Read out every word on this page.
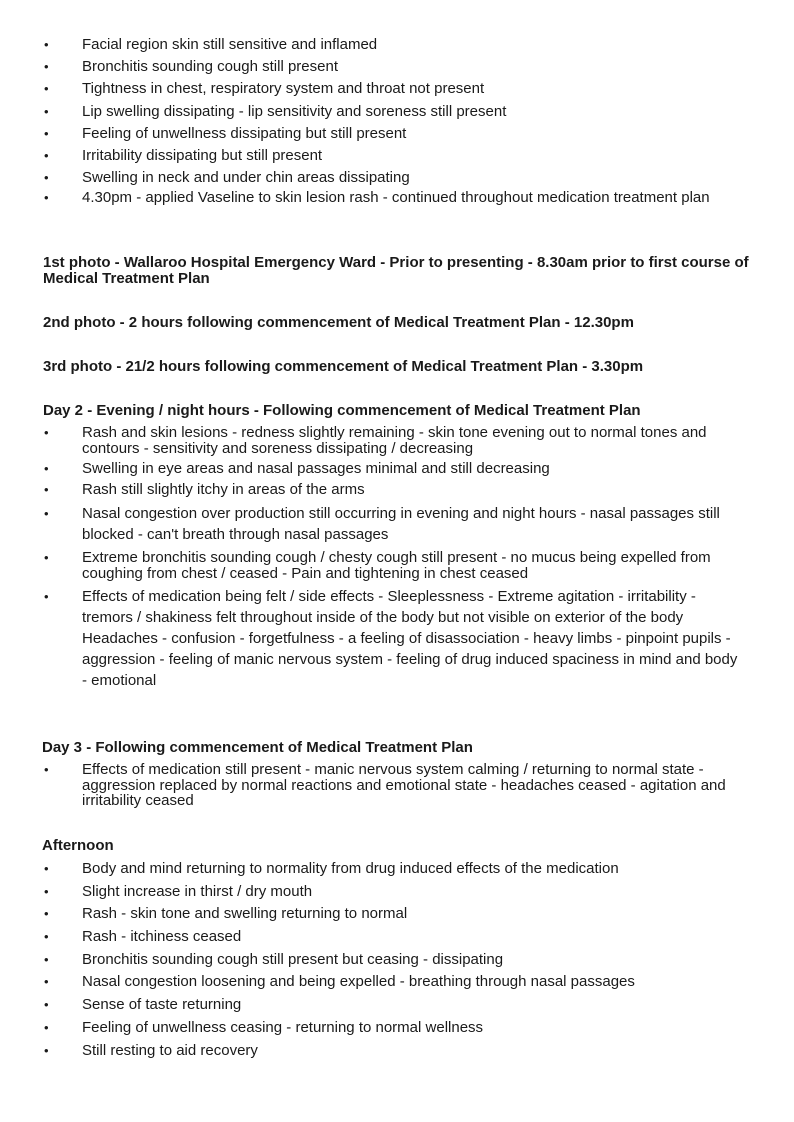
• Facial region skin still sensitive and inflamed
• Bronchitis sounding cough still present
• Tightness in chest, respiratory system and throat not present
• Lip swelling dissipating - lip sensitivity and soreness still present
• Feeling of unwellness dissipating but still present
• Irritability dissipating but still present
• Swelling in neck and under chin areas dissipating
• 4.30pm - applied Vaseline to skin lesion rash - continued throughout medication treatment plan

1st photo - Wallaroo Hospital Emergency Ward - Prior to presenting - 8.30am prior to first course of Medical Treatment Plan

2nd photo - 2 hours following commencement of Medical Treatment Plan - 12.30pm

3rd photo - 21/2 hours following commencement of Medical Treatment Plan - 3.30pm

Day 2 - Evening / night hours - Following commencement of Medical Treatment Plan

• Rash and skin lesions - redness slightly remaining - skin tone evening out to normal tones and contours - sensitivity and soreness dissipating / decreasing
• Swelling in eye areas and nasal passages minimal and still decreasing
• Rash still slightly itchy in areas of the arms
• Nasal congestion over production still occurring in evening and night hours - nasal passages still blocked - can't breath through nasal passages
• Extreme bronchitis sounding cough / chesty cough still present - no mucus being expelled from coughing from chest / ceased - Pain and tightening in chest ceased
• Effects of medication being felt / side effects - Sleeplessness - Extreme agitation - irritability - tremors / shakiness felt throughout inside of the body but not visible on exterior of the body Headaches - confusion - forgetfulness - a feeling of disassociation - heavy limbs - pinpoint pupils - aggression - feeling of manic nervous system - feeling of drug induced spaciness in mind and body - emotional

Day 3 - Following commencement of Medical Treatment Plan

• Effects of medication still present - manic nervous system calming / returning to normal state - aggression replaced by normal reactions and emotional state - headaches ceased - agitation and irritability ceased

Afternoon

• Body and mind returning to normality from drug induced effects of the medication
• Slight increase in thirst / dry mouth
• Rash - skin tone and swelling returning to normal
• Rash - itchiness ceased
• Bronchitis sounding cough still present but ceasing - dissipating
• Nasal congestion loosening and being expelled - breathing through nasal passages
• Sense of taste returning
• Feeling of unwellness ceasing - returning to normal wellness
• Still resting to aid recovery
